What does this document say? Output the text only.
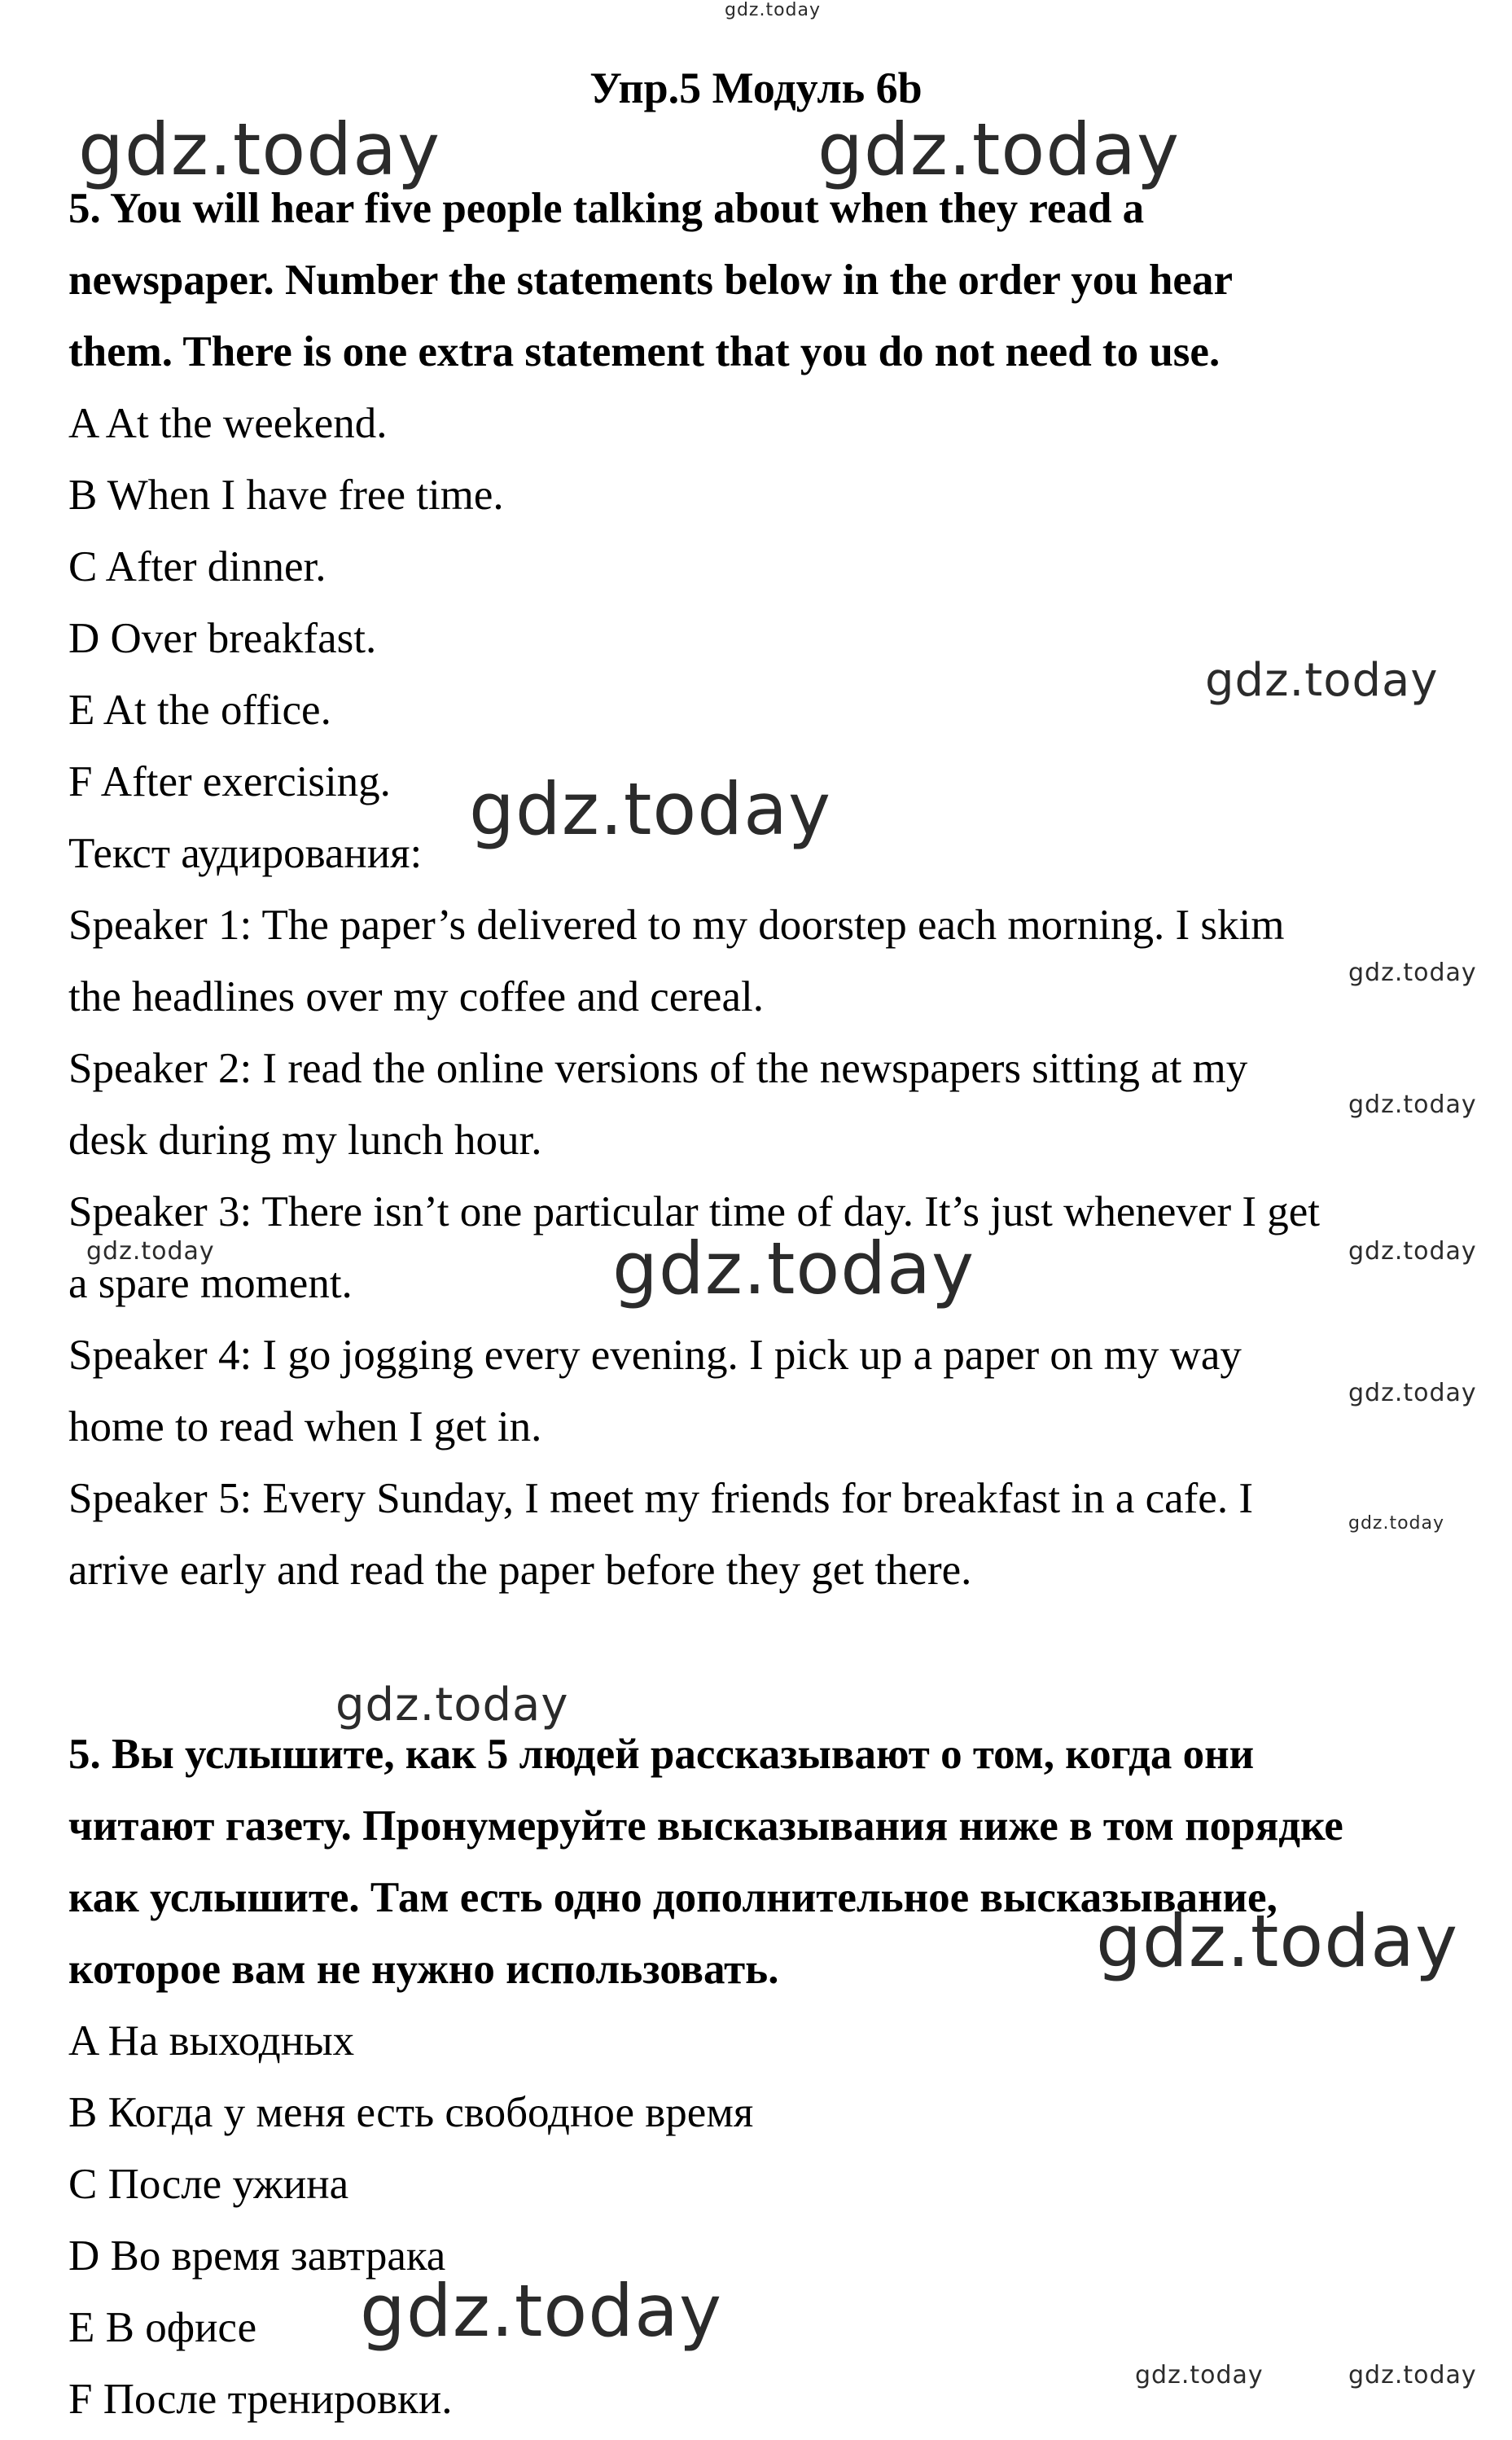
Упр.5 Модуль 6b
5. You will hear five people talking about when they read a
newspaper. Number the statements below in the order you hear
them. There is one extra statement that you do not need to use.
A At the weekend.
B When I have free time.
C After dinner.
D Over breakfast.
E At the office.
F After exercising.
Текст аудирования:
Speaker 1: The paper’s delivered to my doorstep each morning. I skim
the headlines over my coffee and cereal.
Speaker 2: I read the online versions of the newspapers sitting at my
desk during my lunch hour.
Speaker 3: There isn’t one particular time of day. It’s just whenever I get
a spare moment.
Speaker 4: I go jogging every evening. I pick up a paper on my way
home to read when I get in.
Speaker 5: Every Sunday, I meet my friends for breakfast in a cafe. I
arrive early and read the paper before they get there.
5. Вы услышите, как 5 людей рассказывают о том, когда они
читают газету. Пронумеруйте высказывания ниже в том порядке
как услышите. Там есть одно дополнительное высказывание,
которое вам не нужно использовать.
A На выходных
B Когда у меня есть свободное время
C После ужина
D Во время завтрака
E В офисе
F После тренировки.
gdz.today
gdz.today	gdz.today
gdz.today
gdz.today
gdz.today
gdz.today
gdz.today	gdz.today	gdz.today
gdz.today
gdz.today
gdz.today
gdz.today
gdz.today
gdz.today	gdz.today
